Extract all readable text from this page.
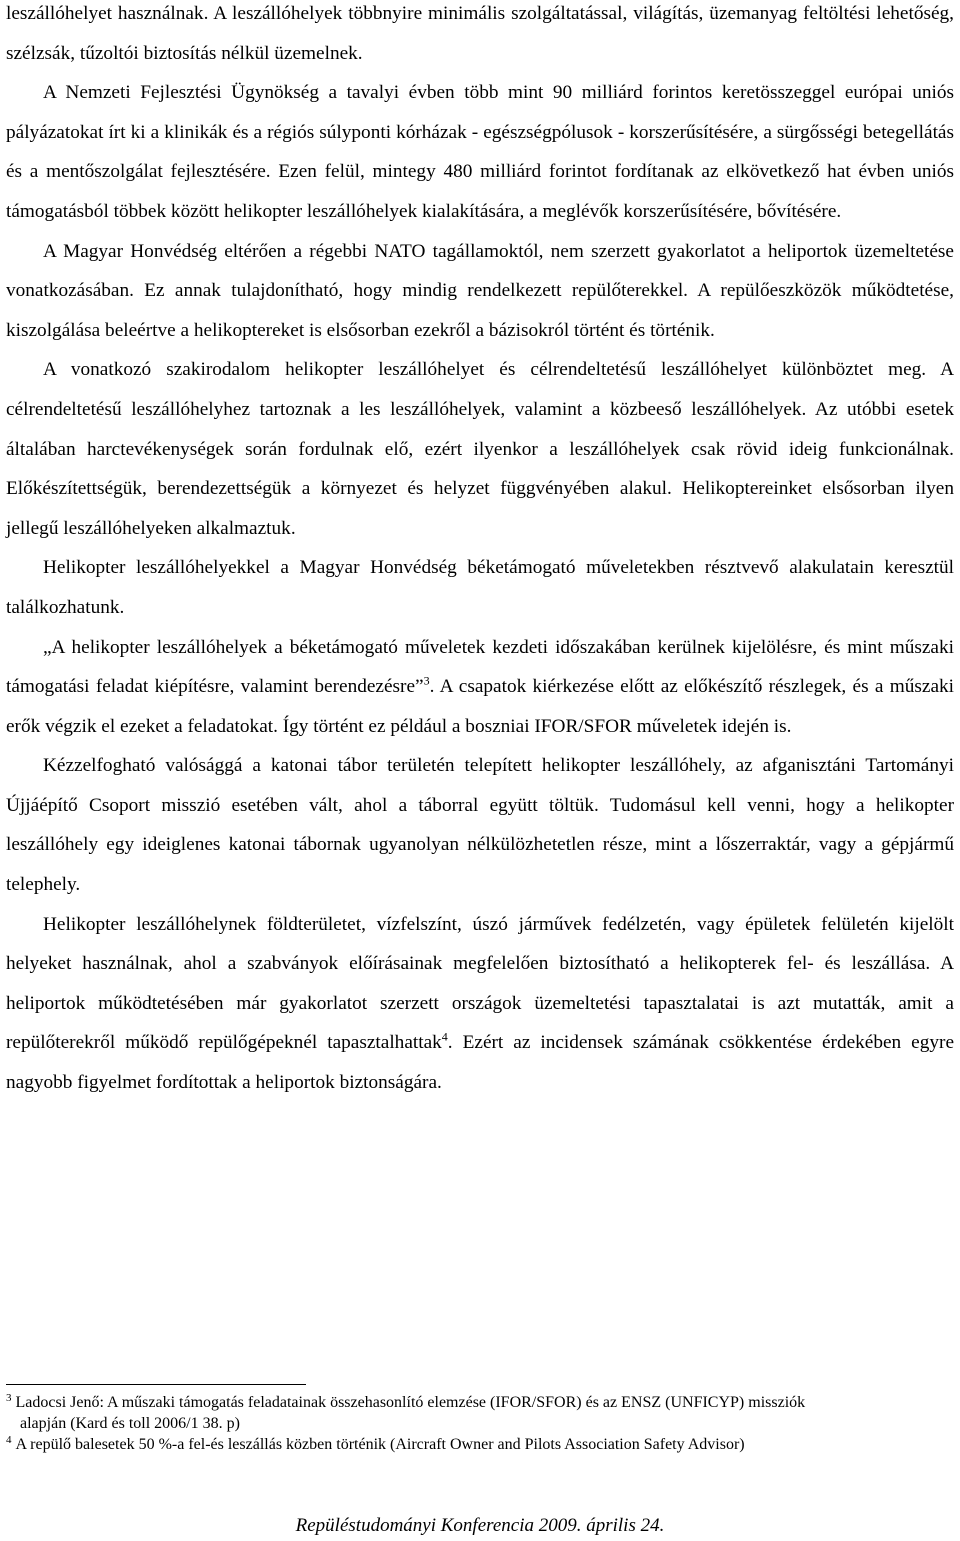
leszállóhelyet használnak. A leszállóhelyek többnyire minimális szolgáltatással, világítás, üzemanyag feltöltési lehetőség, szélzsák, tűzoltói biztosítás nélkül üzemelnek.

A Nemzeti Fejlesztési Ügynökség a tavalyi évben több mint 90 milliárd forintos keretösszeggel európai uniós pályázatokat írt ki a klinikák és a régiós súlyponti kórházak - egészségpólusok - korszerűsítésére, a sürgősségi betegellátás és a mentőszolgálat fejlesztésére. Ezen felül, mintegy 480 milliárd forintot fordítanak az elkövetkező hat évben uniós támogatásból többek között helikopter leszállóhelyek kialakítására, a meglévők korszerűsítésére, bővítésére.

A Magyar Honvédség eltérően a régebbi NATO tagállamoktól, nem szerzett gyakorlatot a heliportok üzemeltetése vonatkozásában. Ez annak tulajdonítható, hogy mindig rendelkezett repülőterekkel. A repülőeszközök működtetése, kiszolgálása beleértve a helikoptereket is elsősorban ezekről a bázisokról történt és történik.

A vonatkozó szakirodalom helikopter leszállóhelyet és célrendeltetésű leszállóhelyet különböztet meg. A célrendeltetésű leszállóhelyhez tartoznak a les leszállóhelyek, valamint a közbeeső leszállóhelyek. Az utóbbi esetek általában harctevékenységek során fordulnak elő, ezért ilyenkor a leszállóhelyek csak rövid ideig funkcionálnak. Előkészítettségük, berendezettségük a környezet és helyzet függvényében alakul. Helikoptereinket elsősorban ilyen jellegű leszállóhelyeken alkalmaztuk.

Helikopter leszállóhelyekkel a Magyar Honvédség béketámogató műveletekben résztvevő alakulatain keresztül találkozhatunk.

„A helikopter leszállóhelyek a béketámogató műveletek kezdeti időszakában kerülnek kijelölésre, és mint műszaki támogatási feladat kiépítésre, valamint berendezésre”$^3$. A csapatok kiérkezése előtt az előkészítő részlegek, és a műszaki erők végzik el ezeket a feladatokat. Így történt ez például a boszniai IFOR/SFOR műveletek idején is.

Kézzelfogható valósággá a katonai tábor területén telepített helikopter leszállóhely, az afganisztáni Tartományi Újjáépítő Csoport misszió esetében vált, ahol a táborral együtt töltük. Tudomásul kell venni, hogy a helikopter leszállóhely egy ideiglenes katonai tábornak ugyanolyan nélkülözhetetlen része, mint a lőszerraktár, vagy a gépjármű telephely.

Helikopter leszállóhelynek földterületet, vízfelszínt, úszó járművek fedélzetén, vagy épületek felületén kijelölt helyeket használnak, ahol a szabványok előírásainak megfelelően biztosítható a helikopterek fel- és leszállása. A heliportok működtetésében már gyakorlatot szerzett országok üzemeltetési tapasztalatai is azt mutatták, amit a repülőterekről működő repülőgépeknél tapasztalhattak$^4$. Ezért az incidensek számának csökkentése érdekében egyre nagyobb figyelmet fordítottak a heliportok biztonságára.

$^3$ Ladocsi Jenő: A műszaki támogatás feladatainak összehasonlító elemzése (IFOR/SFOR) és az ENSZ (UNFICYP) missziók
alapján (Kard és toll 2006/1 38. p)

$^4$ A repülő balesetek 50 %-a fel-és leszállás közben történik (Aircraft Owner and Pilots Association Safety Advisor)

Repüléstudományi Konferencia 2009. április 24.
